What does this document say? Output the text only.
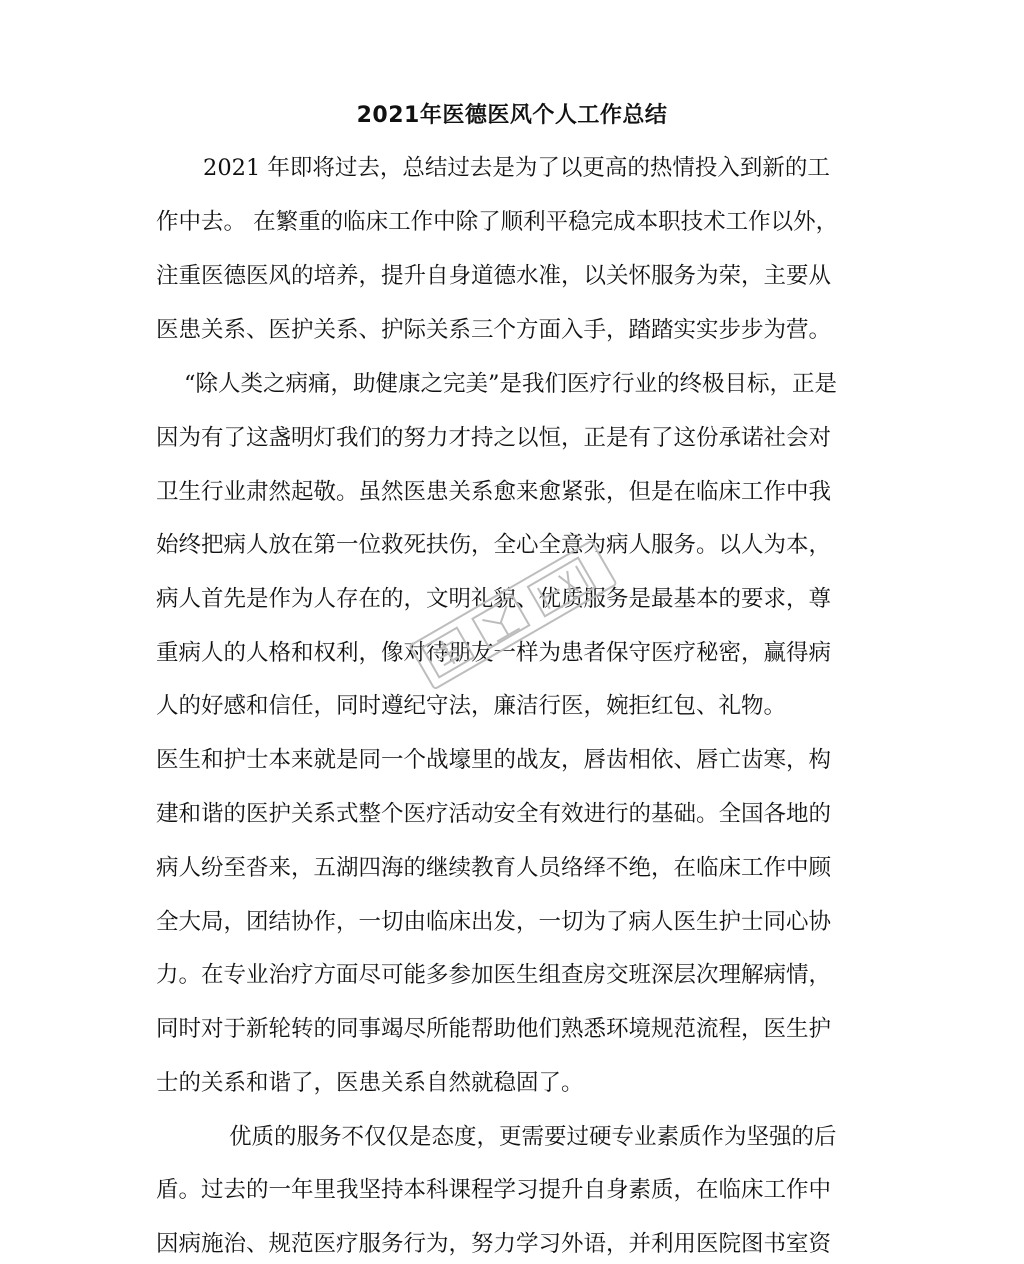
2021年医德医风个人工作总结
2021 年即将过去，总结过去是为了以更高的热情投入到新的工
作中去。 在繁重的临床工作中除了顺利平稳完成本职技术工作以外，
注重医德医风的培养，提升自身道德水准，以关怀服务为荣，主要从
医患关系、医护关系、护际关系三个方面入手，踏踏实实步步为营。
“除人类之病痛，助健康之完美”是我们医疗行业的终极目标，正是
因为有了这盏明灯我们的努力才持之以恒，正是有了这份承诺社会对
卫生行业肃然起敬。虽然医患关系愈来愈紧张，但是在临床工作中我
始终把病人放在第一位救死扶伤，全心全意为病人服务。以人为本，
病人首先是作为人存在的，文明礼貌、优质服务是最基本的要求，尊
重病人的人格和权利，像对待朋友一样为患者保守医疗秘密，赢得病
人的好感和信任，同时遵纪守法，廉洁行医，婉拒红包、礼物。
医生和护士本来就是同一个战壕里的战友，唇齿相依、唇亡齿寒，构
建和谐的医护关系式整个医疗活动安全有效进行的基础。全国各地的
病人纷至沓来，五湖四海的继续教育人员络绎不绝，在临床工作中顾
全大局，团结协作，一切由临床出发，一切为了病人医生护士同心协
力。在专业治疗方面尽可能多参加医生组查房交班深层次理解病情，
同时对于新轮转的同事竭尽所能帮助他们熟悉环境规范流程，医生护
士的关系和谐了，医患关系自然就稳固了。
优质的服务不仅仅是态度，更需要过硬专业素质作为坚强的后
盾。过去的一年里我坚持本科课程学习提升自身素质，在临床工作中
因病施治、规范医疗服务行为，努力学习外语，并利用医院图书室资
